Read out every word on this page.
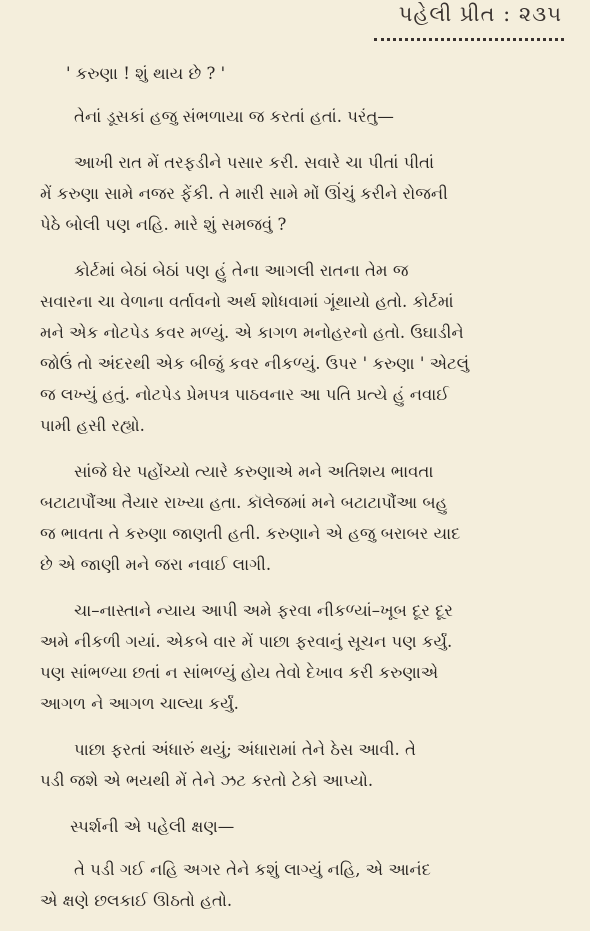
પહેલી પ્રીત : ૨૩૫

' કરુણા ! શું થાય છે ? '

તેનાં ડૂસકાં હજુ સંભળાયા જ કરતાં હતાં. પરંતુ—

આખી રાત મેં તરફડીને પસાર કરી. સવારે ચા પીતાં પીતાં
મેં કરુણા સામે નજર ફેંકી. તે મારી સામે મોં ઊંચું કરીને રોજની
પેઠે બોલી પણ નહિ. મારે શું સમજવું ?

કોર્ટમાં બેઠાં બેઠાં પણ હું તેના આગલી રાતના તેમ જ
સવારના ચા વેળાના વર્તાવનો અર્થ શોધવામાં ગૂંથાયો હતો. કોર્ટમાં
મને એક નોટપેડ કવર મળ્યું. એ કાગળ મનોહરનો હતો. ઉઘાડીને
જોઉં તો અંદરથી એક બીજું કવર નીકળ્યું. ઉપર ' કરુણા ' એટલું
જ લખ્યું હતું. નોટપેડ પ્રેમપત્ર પાઠવનાર આ પતિ પ્રત્યે હું નવાઈ
પામી હસી રહ્યો.

સાંજે ઘેર પહોંચ્યો ત્યારે કરુણાએ મને અતિશય ભાવતા
બટાટાપૌંઆ તૈયાર રાખ્યા હતા. કૉલેજમાં મને બટાટાપૌંઆ બહુ
જ ભાવતા તે કરુણા જાણતી હતી. કરુણાને એ હજુ બરાબર યાદ
છે એ જાણી મને જરા નવાઈ લાગી.

ચા–નાસ્તાને ન્યાય આપી અમે ફરવા નીકળ્યાં–ખૂબ દૂર દૂર
અમે નીકળી ગયાં. એકબે વાર મેં પાછા ફરવાનું સૂચન પણ કર્યું.
પણ સાંભળ્યા છતાં ન સાંભળ્યું હોય તેવો દેખાવ કરી કરુણાએ
આગળ ને આગળ ચાલ્યા કર્યું.

પાછા ફરતાં અંધારું થયું; અંધારામાં તેને ઠેસ આવી. તે
પડી જશે એ ભયથી મેં તેને ઝટ કરતો ટેકો આપ્યો.

સ્પર્શની એ પહેલી ક્ષણ—

તે પડી ગઈ નહિ અગર તેને કશું લાગ્યું નહિ, એ આનંદ
એ ક્ષણે છલકાઈ ઊઠતો હતો.
